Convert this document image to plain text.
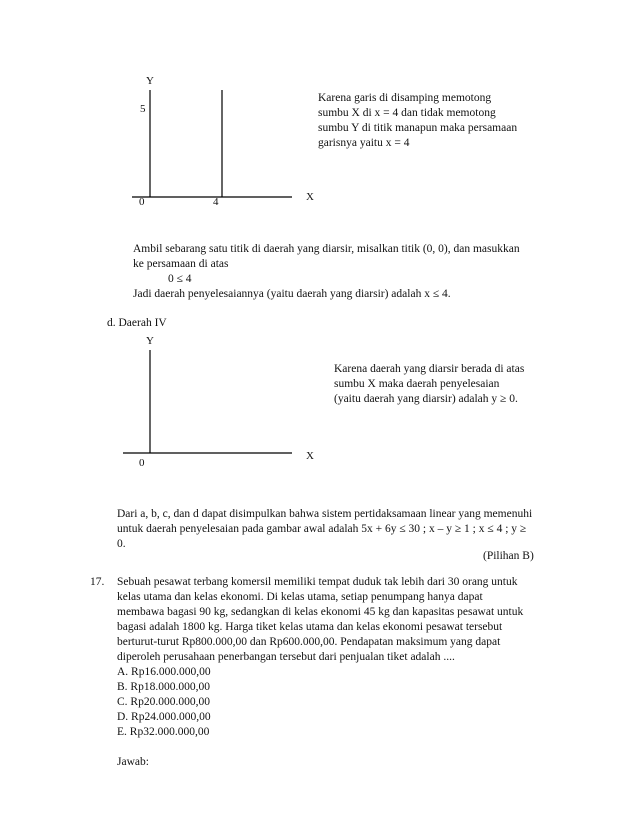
Y
5
0	4	X
Karena garis di disamping memotong
sumbu X di x = 4 dan tidak memotong
sumbu Y di titik manapun maka persamaan
garisnya yaitu x = 4
Ambil sebarang satu titik di daerah yang diarsir, misalkan titik (0, 0), dan masukkan
ke persamaan di atas
0 ≤ 4
Jadi daerah penyelesaiannya (yaitu daerah yang diarsir) adalah x ≤ 4.
d. Daerah IV
Y
0
X
Karena daerah yang diarsir berada di atas
sumbu X maka daerah penyelesaian
(yaitu daerah yang diarsir) adalah y ≥ 0.
Dari a, b, c, dan d dapat disimpulkan bahwa sistem pertidaksamaan linear yang memenuhi
untuk daerah penyelesaian pada gambar awal adalah 5x + 6y ≤ 30 ; x – y ≥ 1 ; x ≤ 4 ; y ≥
0.
(Pilihan B)
17. Sebuah pesawat terbang komersil memiliki tempat duduk tak lebih dari 30 orang untuk
kelas utama dan kelas ekonomi. Di kelas utama, setiap penumpang hanya dapat
membawa bagasi 90 kg, sedangkan di kelas ekonomi 45 kg dan kapasitas pesawat untuk
bagasi adalah 1800 kg. Harga tiket kelas utama dan kelas ekonomi pesawat tersebut
berturut-turut Rp800.000,00 dan Rp600.000,00. Pendapatan maksimum yang dapat
diperoleh perusahaan penerbangan tersebut dari penjualan tiket adalah ....
A. Rp16.000.000,00
B. Rp18.000.000,00
C. Rp20.000.000,00
D. Rp24.000.000,00
E. Rp32.000.000,00
Jawab:
